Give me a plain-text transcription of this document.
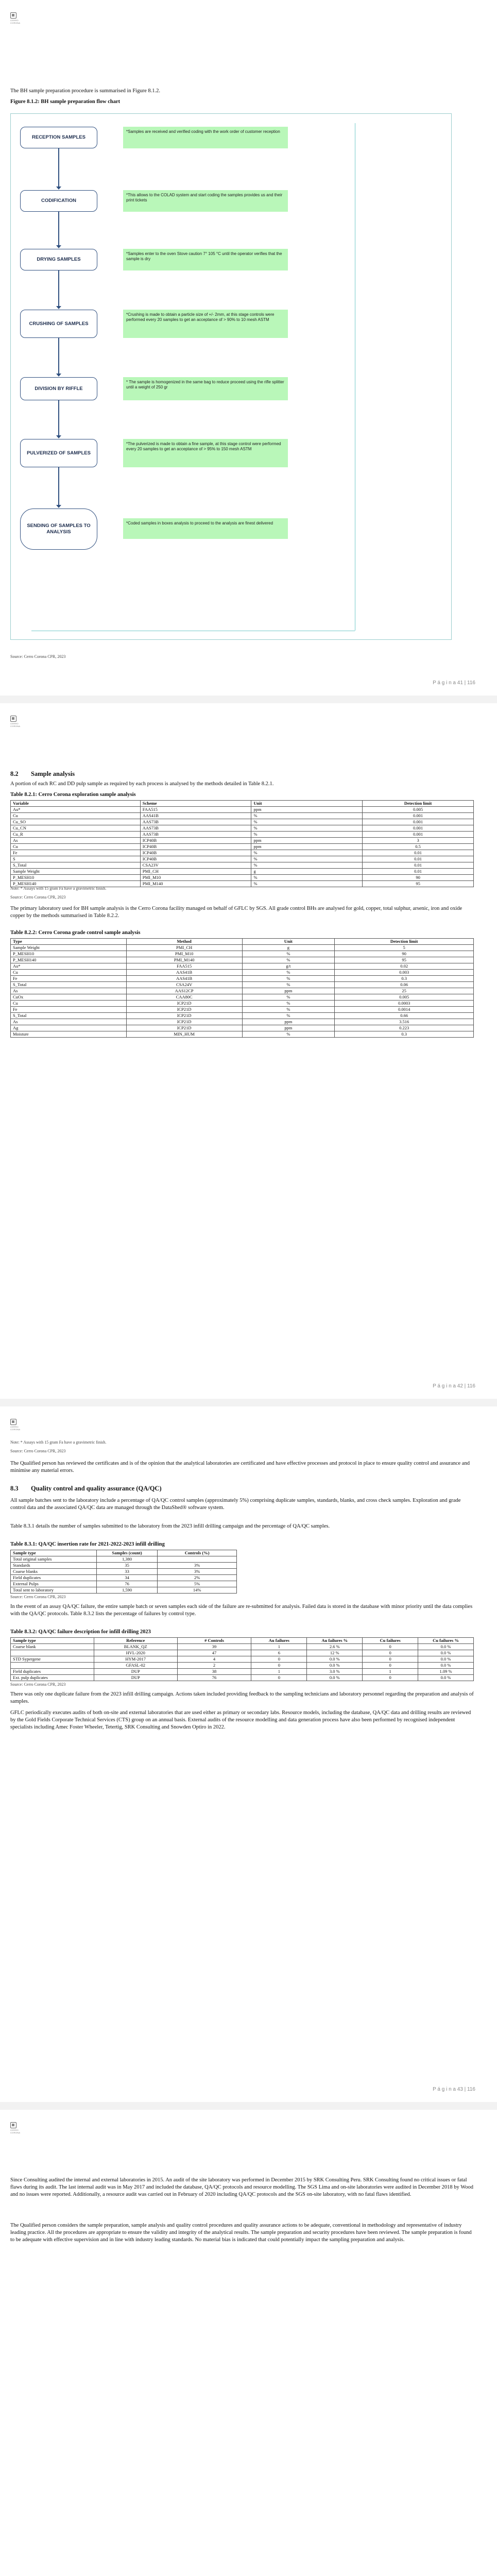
CERRO CORONA
The BH sample preparation procedure is summarised in Figure 8.1.2.
Figure 8.1.2: BH sample preparation flow chart
RECEPTION SAMPLES
*Samples are received and verified coding with the work order of customer reception
CODIFICATION
*This allows to the COLAD system and start coding the samples provides us and their print tickets
DRYING SAMPLES
*Samples enter to the oven Stove caution 7° 105 °C until the operator verifies that the sample is dry
CRUSHING OF SAMPLES
*Crushing is made to obtain a particle size of +/- 2mm, at this stage controls were performed every 20 samples to get an acceptance of > 90% to 10 mesh ASTM
DIVISION BY RIFFLE
* The sample is homogenized in the same bag to reduce proceed using the rifle splitter until a weight of 250 gr
PULVERIZED OF SAMPLES
*The pulverized is made to obtain a fine sample, at this stage control were performed every 20 samples to get an acceptance of > 95% to 150 mesh ASTM
SENDING OF SAMPLES TO ANALYSIS
*Coded samples in boxes analysis to proceed to the analysis are finest delivered
Source: Cerro Corona CPR, 2023
P á g i n a 41 | 116
CERRO CORONA
8.2 Sample analysis
A portion of each RC and DD pulp sample as required by each process is analysed by the methods detailed in Table 8.2.1.
Table 8.2.1: Cerro Corona exploration sample analysis
Variable	Scheme	Unit	Detection limit
Au*	FAA515	ppm	0.005
Cu	AAS41B	%	0.001
Cu_SO	AAS73B	%	0.001
Cu_CN	AAS73B	%	0.001
Cu_R	AAS73B	%	0.001
As	ICP40B	ppm	3
Cu	ICP40B	ppm	0.5
Fe	ICP40B	%	0.01
S	ICP40B	%	0.01
S_Total	CSA23V	%	0.01
Sample Weight	PMI_CH	g	0.01
P_MESH10	PMI_M10	%	90
P_MESH140	PMI_M140	%	95
Note: * Assays with 15 gram Fa have a gravimetric finish.
Source: Cerro Corona CPR, 2023
The primary laboratory used for BH sample analysis is the Cerro Corona facility managed on behalf of GFLC by SGS. All grade control BHs are analysed for gold, copper, total sulphur, arsenic, iron and oxide copper by the methods summarised in Table 8.2.2.
Table 8.2.2: Cerro Corona grade control sample analysis
Type	Method	Unit	Detection limit
Sample Weight	PMI_CH	g	5
P_MESH10	PMI_M10	%	90
P_MESH140	PMI_M140	%	95
Au*	FAA515	g/t	0.02
Cu	AAS41B	%	0.003
Fe	AAS41B	%	0.3
S_Total	CSA24V	%	0.06
As	AAS12CP	ppm	25
CuOx	CAA80C	%	0.005
Cu	ICP21D	%	0.0003
Fe	ICP21D	%	0.0014
S_Total	ICP21D	%	0.66
As	ICP21D	ppm	3.516
Ag	ICP21D	ppm	0.223
Moisture	MIN_HUM	%	0.3
P á g i n a 42 | 116
CERRO CORONA
Note: * Assays with 15 gram Fa have a gravimetric finish.
Source: Cerro Corona CPR, 2023
The Qualified person has reviewed the certificates and is of the opinion that the analytical laboratories are certificated and have effective processes and protocol in place to ensure quality control and assurance and minimise any material errors.
8.3 Quality control and quality assurance (QA/QC)
All sample batches sent to the laboratory include a percentage of QA/QC control samples (approximately 5%) comprising duplicate samples, standards, blanks, and cross check samples. Exploration and grade control data and the associated QA/QC data are managed through the DataShed® software system.
Table 8.3.1 details the number of samples submitted to the laboratory from the 2023 infill drilling campaign and the percentage of QA/QC samples.
Table 8.3.1: QA/QC insertion rate for 2021-2022-2023 infill drilling
Sample type	Samples (count)	Controls (%)
Total original samples	1,380	
Standards	35	3%
Coarse blanks	33	3%
Field duplicates	34	2%
External Pulps	76	5%
Total sent to laboratory	1,590	14%
Source: Cerro Corona CPR, 2023
In the event of an assay QA/QC failure, the entire sample batch or seven samples each side of the failure are re-submitted for analysis. Failed data is stored in the database with minor priority until the data complies with the QA/QC protocols. Table 8.3.2 lists the percentage of failures by control type.
Table 8.3.2: QA/QC failure description for infill drilling 2023
Sample type	Reference	# Controls	Au failures	Au failures %	Cu failures	Cu failures %
Coarse blank	BLANK_QZ	39	1	2.6 %	0	0.0 %
	HVL-2020	47	6	12 %	0	0.0 %
STD Sypergene	HYM-2017	4	0	0.0 %	0	0.0 %
	GFASL-02	2	0	0.0 %	0	0.0 %
Field duplicates	DUP	38	1	3.0 %	1	1.09 %
Ext. pulp duplicates	DUP	76	0	0.0 %	0	0.0 %
Source: Cerro Corona CPR, 2023
There was only one duplicate failure from the 2023 infill drilling campaign. Actions taken included providing feedback to the sampling technicians and laboratory personnel regarding the preparation and analysis of samples.
GFLC periodically executes audits of both on-site and external laboratories that are used either as primary or secondary labs. Resource models, including the database, QA/QC data and drilling results are reviewed by the Gold Fields Corporate Technical Services (CTS) group on an annual basis. External audits of the resource modelling and data generation process have also been performed by recognised independent specialists including Amec Foster Wheeler, Tetertig, SRK Consulting and Snowden Optiro in 2022.
P á g i n a 43 | 116
CERRO CORONA
Since Consulting audited the internal and external laboratories in 2015. An audit of the site laboratory was performed in December 2015 by SRK Consulting Peru. SRK Consulting found no critical issues or fatal flaws during its audit. The last internal audit was in May 2017 and included the database, QA/QC protocols and resource modelling. The SGS Lima and on-site laboratories were audited in December 2018 by Wood and no issues were reported. Additionally, a resource audit was carried out in February of 2020 including QA/QC protocols and the SGS on-site laboratory, with no fatal flaws identified.
The Qualified person considers the sample preparation, sample analysis and quality control procedures and quality assurance actions to be adequate, conventional in methodology and representative of industry leading practice. All the procedures are appropriate to ensure the validity and integrity of the analytical results. The sample preparation and security procedures have been reviewed. The sample preparation is found to be adequate with effective supervision and in line with industry leading standards. No material bias is indicated that could potentially impact the sampling preparation and analysis.
